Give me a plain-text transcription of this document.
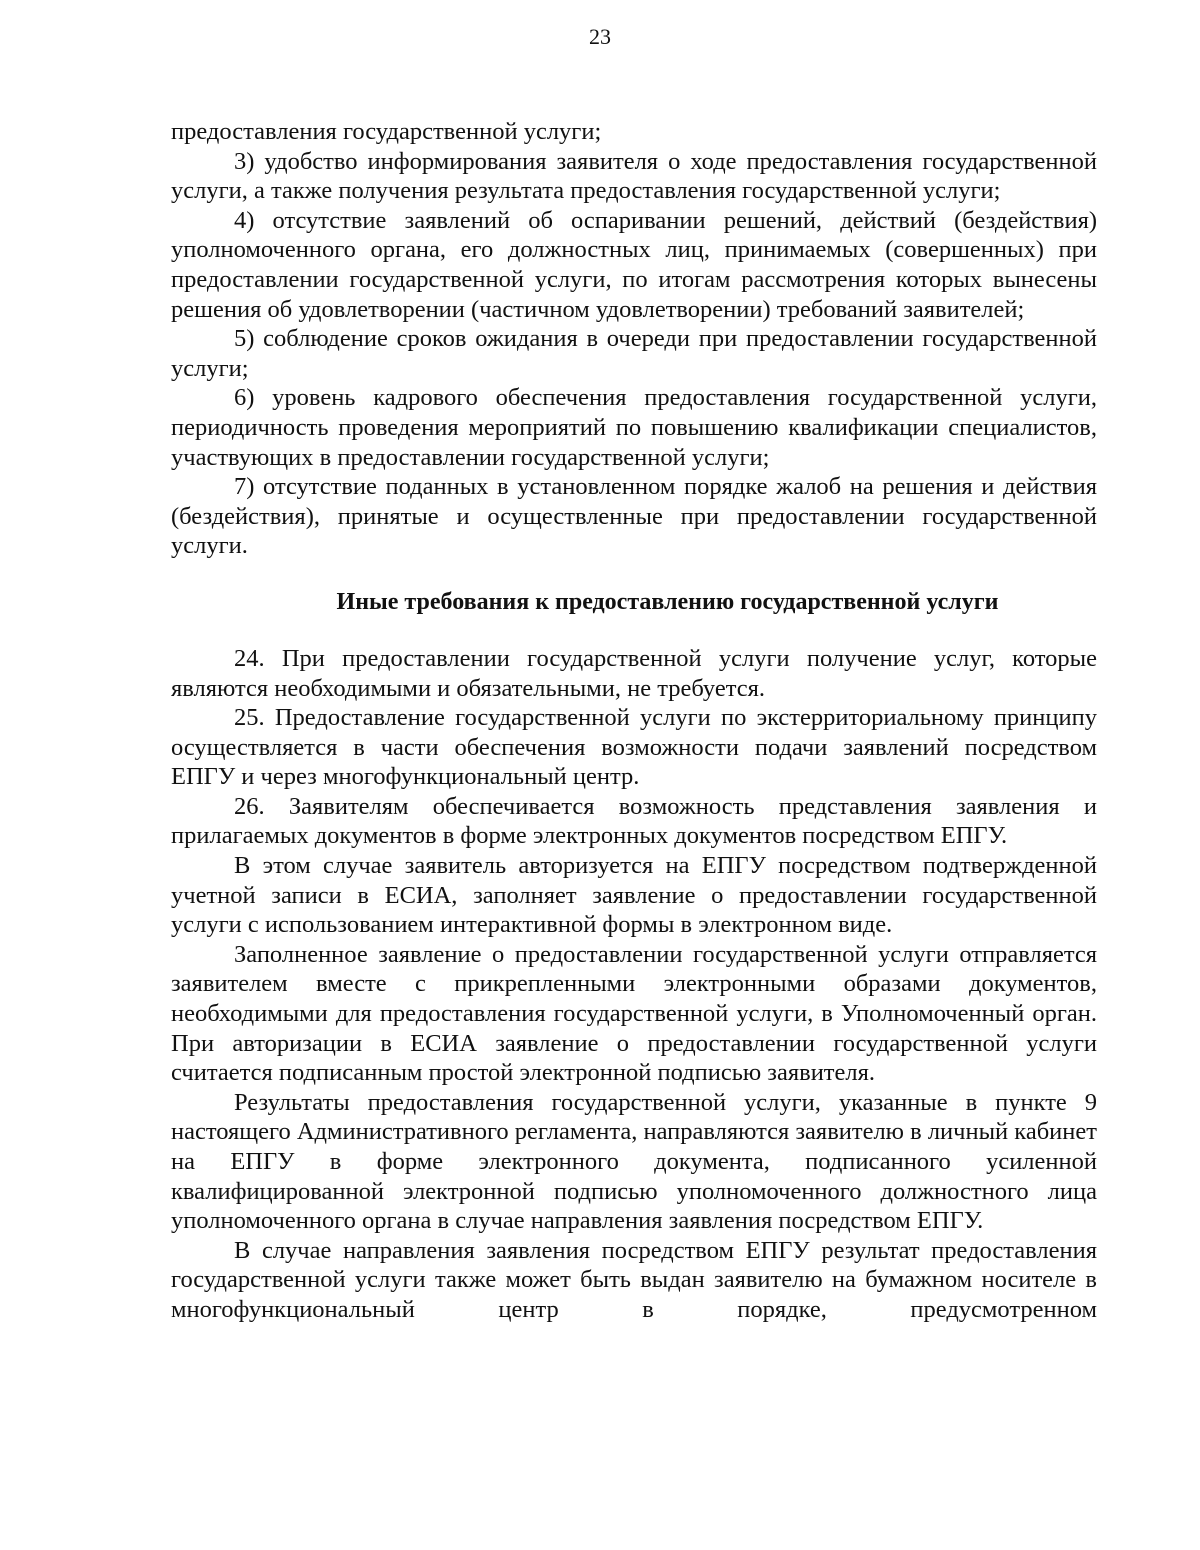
23

предоставления государственной услуги;

3) удобство информирования заявителя о ходе предоставления государственной услуги, а также получения результата предоставления государственной услуги;

4) отсутствие заявлений об оспаривании решений, действий (бездействия) уполномоченного органа, его должностных лиц, принимаемых (совершенных) при предоставлении государственной услуги, по итогам рассмотрения которых вынесены решения об удовлетворении (частичном удовлетворении) требований заявителей;

5) соблюдение сроков ожидания в очереди при предоставлении государственной услуги;

6) уровень кадрового обеспечения предоставления государственной услуги, периодичность проведения мероприятий по повышению квалификации специалистов, участвующих в предоставлении государственной услуги;

7) отсутствие поданных в установленном порядке жалоб на решения и действия (бездействия), принятые и осуществленные при предоставлении государственной услуги.

Иные требования к предоставлению государственной услуги

24. При предоставлении государственной услуги получение услуг, которые являются необходимыми и обязательными, не требуется.

25. Предоставление государственной услуги по экстерриториальному принципу осуществляется в части обеспечения возможности подачи заявлений посредством ЕПГУ и через многофункциональный центр.

26. Заявителям обеспечивается возможность представления заявления и прилагаемых документов в форме электронных документов посредством ЕПГУ.

В этом случае заявитель авторизуется на ЕПГУ посредством подтвержденной учетной записи в ЕСИА, заполняет заявление о предоставлении государственной услуги с использованием интерактивной формы в электронном виде.

Заполненное заявление о предоставлении государственной услуги отправляется заявителем вместе с прикрепленными электронными образами документов, необходимыми для предоставления государственной услуги, в Уполномоченный орган. При авторизации в ЕСИА заявление о предоставлении государственной услуги считается подписанным простой электронной подписью заявителя.

Результаты предоставления государственной услуги, указанные в пункте 9 настоящего Административного регламента, направляются заявителю в личный кабинет на ЕПГУ в форме электронного документа, подписанного усиленной квалифицированной электронной подписью уполномоченного должностного лица уполномоченного органа в случае направления заявления посредством ЕПГУ.

В случае направления заявления посредством ЕПГУ результат предоставления государственной услуги также может быть выдан заявителю на бумажном носителе в многофункциональный центр в порядке, предусмотренном
